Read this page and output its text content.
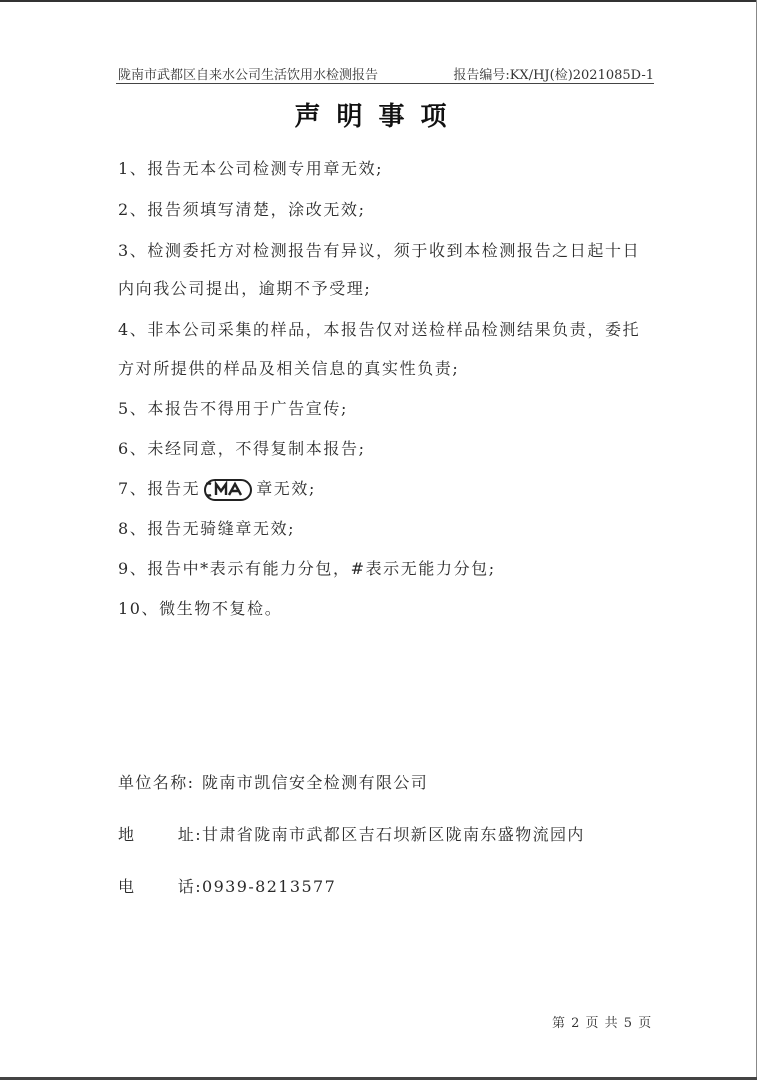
陇南市武都区自来水公司生活饮用水检测报告	报告编号:KX/HJ(检)2021085D-1
声明事项
1、报告无本公司检测专用章无效;
2、报告须填写清楚，涂改无效;
3、检测委托方对检测报告有异议，须于收到本检测报告之日起十日
内向我公司提出，逾期不予受理;
4、非本公司采集的样品，本报告仅对送检样品检测结果负责，委托
方对所提供的样品及相关信息的真实性负责;
5、本报告不得用于广告宣传;
6、未经同意，不得复制本报告;
7、报告无	章无效;
8、报告无骑缝章无效;
9、报告中*表示有能力分包，#表示无能力分包;
10、微生物不复检。
单位名称: 陇南市凯信安全检测有限公司
地	址: 甘肃省陇南市武都区吉石坝新区陇南东盛物流园内
电	话: 0939-8213577
第 2 页 共 5 页
